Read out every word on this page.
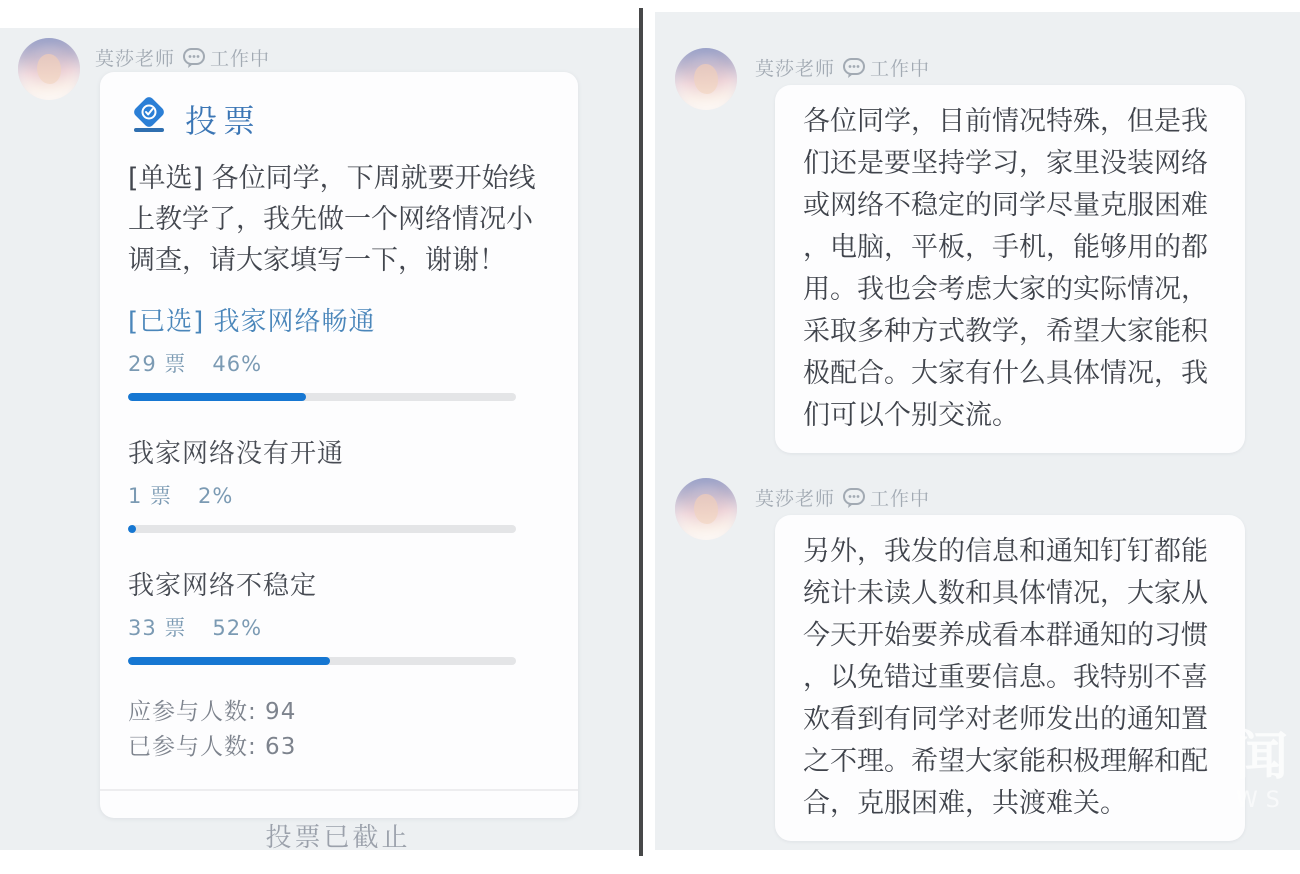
莫莎老师 工作中
投票

[单选] 各位同学，下周就要开始线上教学了，我先做一个网络情况小调查，请大家填写一下，谢谢！

[已选] 我家网络畅通
29 票 46%
我家网络没有开通
1 票 2%
我家网络不稳定
33 票 52%
应参与人数: 94
已参与人数: 63
投票已截止
莫莎老师 工作中
各位同学，目前情况特殊，但是我们还是要坚持学习，家里没装网络或网络不稳定的同学尽量克服困难，电脑，平板，手机，能够用的都用。我也会考虑大家的实际情况，采取多种方式教学，希望大家能积极配合。大家有什么具体情况，我们可以个别交流。
莫莎老师 工作中
另外，我发的信息和通知钉钉都能统计未读人数和具体情况，大家从今天开始要养成看本群通知的习惯，以免错过重要信息。我特别不喜欢看到有同学对老师发出的通知置之不理。希望大家能积极理解和配合，克服困难，共渡难关。
闻
WS
